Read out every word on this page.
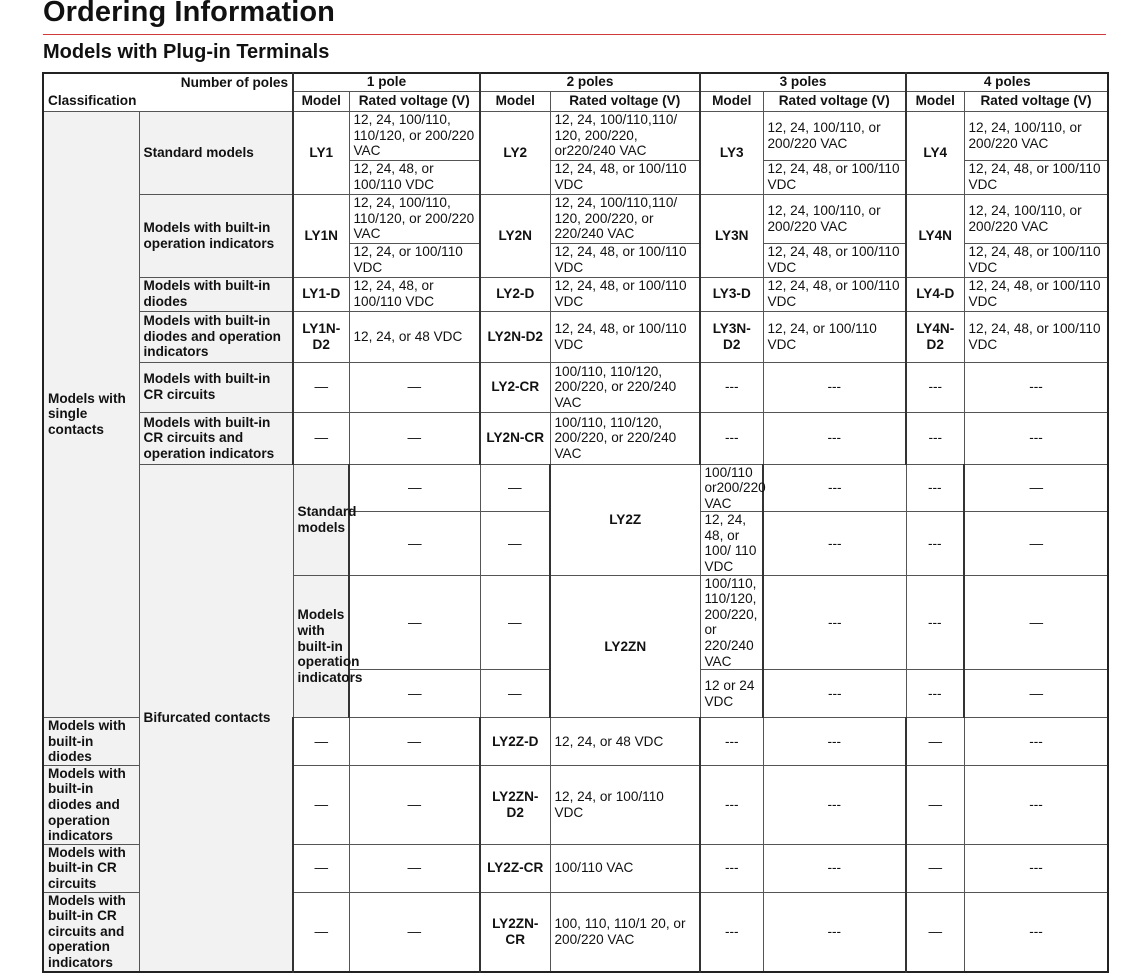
Ordering Information
Models with Plug-in Terminals
Number of poles		1 pole		2 poles		3 poles		4 poles		
Classification		Model	Rated voltage (V)	Model	Rated voltage (V)	Model	Rated voltage (V)	Model	Rated voltage (V)	
Models with single contacts	Standard models	LY1	12, 24, 100/110, 110/120, or 200/220 VAC	LY2	12, 24, 100/110,110/ 120, 200/220, or220/240 VAC	LY3	12, 24, 100/110, or 200/220 VAC	LY4	12, 24, 100/110, or 200/220 VAC	
			12, 24, 48, or 100/110 VDC		12, 24, 48, or 100/110 VDC		12, 24, 48, or 100/110 VDC		12, 24, 48, or 100/110 VDC	
	Models with built-in operation indicators	LY1N	12, 24, 100/110, 110/120, or 200/220 VAC	LY2N	12, 24, 100/110,110/ 120, 200/220, or 220/240 VAC	LY3N	12, 24, 100/110, or 200/220 VAC	LY4N	12, 24, 100/110, or 200/220 VAC	
			12, 24, or 100/110 VDC		12, 24, 48, or 100/110 VDC		12, 24, 48, or 100/110 VDC		12, 24, 48, or 100/110 VDC	
	Models with built-in diodes	LY1-D	12, 24, 48, or 100/110 VDC	LY2-D	12, 24, 48, or 100/110 VDC	LY3-D	12, 24, 48, or 100/110 VDC	LY4-D	12, 24, 48, or 100/110 VDC	
	Models with built-in diodes and operation indicators	LY1N-D2	12, 24, or 48 VDC	LY2N-D2	12, 24, 48, or 100/110 VDC	LY3N-D2	12, 24, or 100/110 VDC	LY4N-D2	12, 24, 48, or 100/110 VDC	
	Models with built-in CR circuits	—	—	LY2-CR	100/110, 110/120, 200/220, or 220/240 VAC	---	---	---	---	
	Models with built-in CR circuits and operation indicators	—	—	LY2N-CR	100/110, 110/120, 200/220, or 220/240 VAC	---	---	---	---	
	Bifurcated contacts	Standard models	—	—	LY2Z	100/110 or200/220 VAC	---	---	—	
			—	—		12, 24, 48, or 100/ 110 VDC	---	---	—	
		Models with built-in operation indicators	—	—	LY2ZN	100/110, 110/120, 200/220, or 220/240 VAC	---	---	—	
			—	—		12 or 24 VDC	---	---	—	
Models with built-in diodes		—	—	LY2Z-D	12, 24, or 48 VDC	---	---	—	---	
Models with built-in diodes and operation indicators		—	—	LY2ZN-D2	12, 24, or 100/110 VDC	---	---	—	---	
Models with built-in CR circuits		—	—	LY2Z-CR	100/110 VAC	---	---	—	---	
Models with built-in CR circuits and operation indicators		—	—	LY2ZN-CR	100, 110, 110/1 20, or 200/220 VAC	---	---	—	---	
